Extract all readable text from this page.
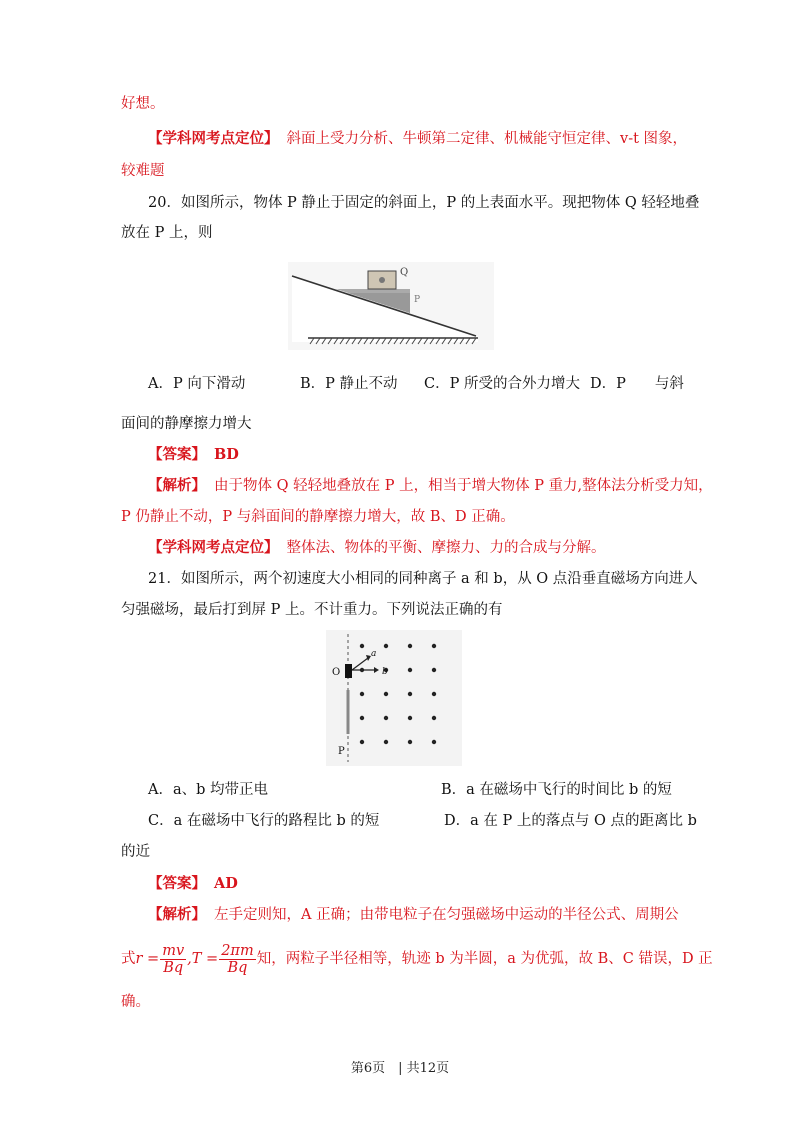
好想。
【学科网考点定位】 斜面上受力分析、牛顿第二定律、机械能守恒定律、v-t 图象，
较难题
20．如图所示，物体 P 静止于固定的斜面上，P 的上表面水平。现把物体 Q 轻轻地叠
放在 P 上，则
Q
P
A．P 向下滑动	B．P 静止不动 C．P 所受的合外力增大 D．P　　与斜
面间的静摩擦力增大
【答案】 BD
【解析】 由于物体 Q 轻轻地叠放在 P 上，相当于增大物体 P 重力,整体法分析受力知，
P 仍静止不动，P 与斜面间的静摩擦力增大，故 B、D 正确。
【学科网考点定位】 整体法、物体的平衡、摩擦力、力的合成与分解。
21．如图所示，两个初速度大小相同的同种离子 a 和 b，从 O 点沿垂直磁场方向进人
匀强磁场，最后打到屏 P 上。不计重力。下列说法正确的有
O
P
a
b
A．a、b 均带正电	B．a 在磁场中飞行的时间比 b 的短
C．a 在磁场中飞行的路程比 b 的短	D．a 在 P 上的落点与 O 点的距离比 b
的近
【答案】 AD
【解析】 左手定则知，A 正确；由带电粒子在匀强磁场中运动的半径公式、周期公
式$r = \frac{mv}{Bq} ,T = \frac{2\pi m}{Bq}$ 知，两粒子半径相等，轨迹 b 为半圆，a 为优弧，故 B、C 错误，D 正
确。
第6页　| 共12页
